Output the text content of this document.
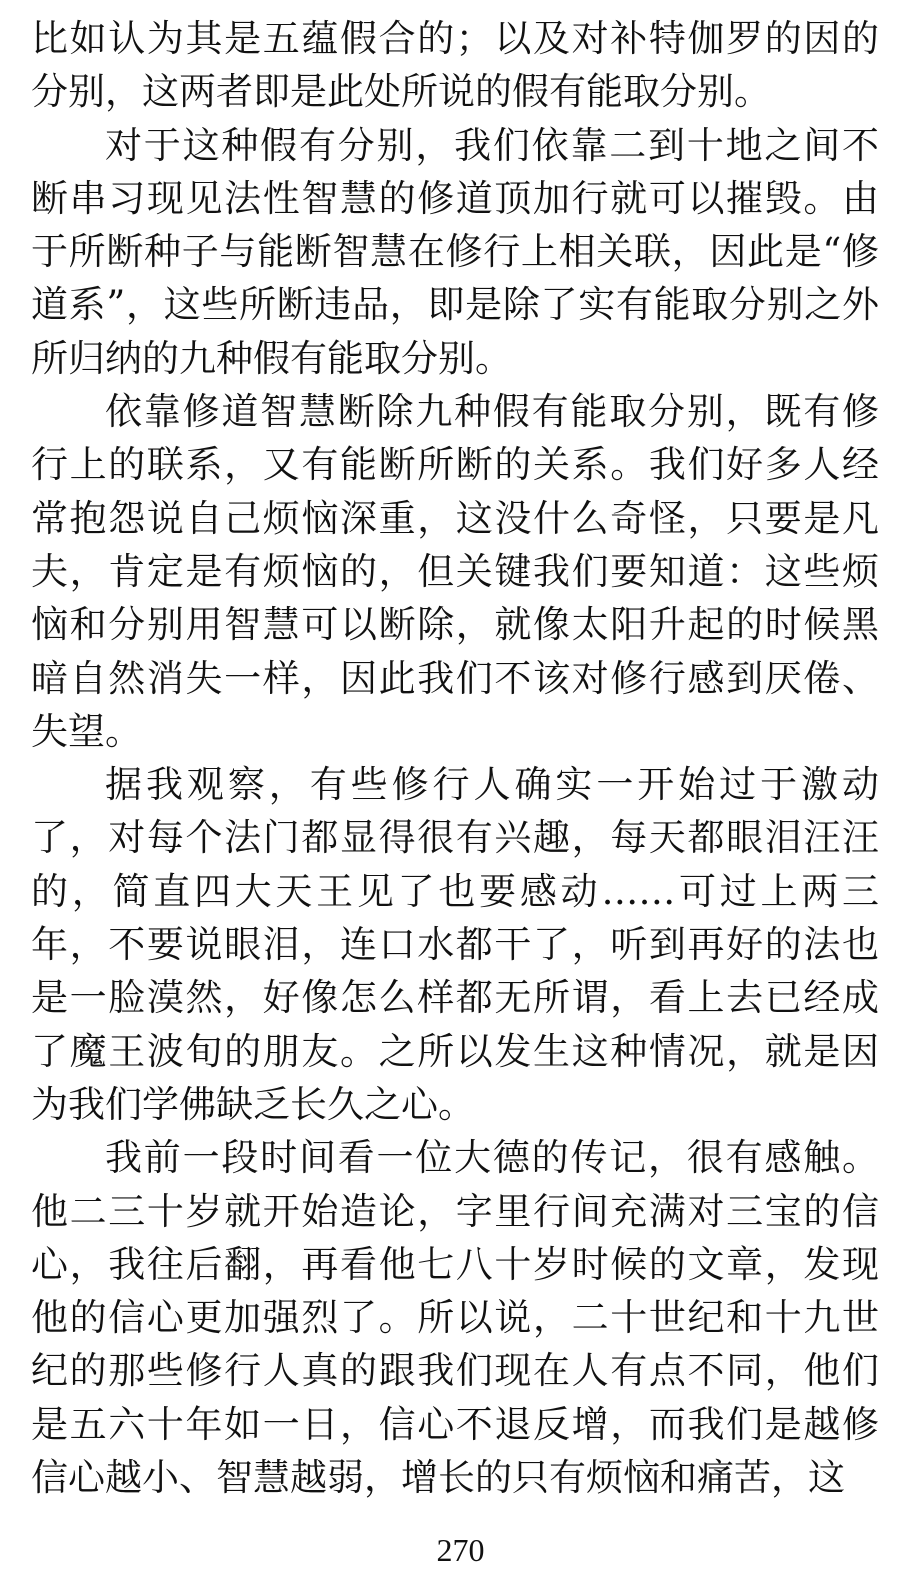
比如认为其是五蕴假合的；以及对补特伽罗的因的分别，这两者即是此处所说的假有能取分别。

对于这种假有分别，我们依靠二到十地之间不断串习现见法性智慧的修道顶加行就可以摧毁。由于所断种子与能断智慧在修行上相关联，因此是“修道系”，这些所断违品，即是除了实有能取分别之外所归纳的九种假有能取分别。

依靠修道智慧断除九种假有能取分别，既有修行上的联系，又有能断所断的关系。我们好多人经常抱怨说自己烦恼深重，这没什么奇怪，只要是凡夫，肯定是有烦恼的，但关键我们要知道：这些烦恼和分别用智慧可以断除，就像太阳升起的时候黑暗自然消失一样，因此我们不该对修行感到厌倦、失望。

据我观察，有些修行人确实一开始过于激动了，对每个法门都显得很有兴趣，每天都眼泪汪汪的，简直四大天王见了也要感动……可过上两三年，不要说眼泪，连口水都干了，听到再好的法也是一脸漠然，好像怎么样都无所谓，看上去已经成了魔王波旬的朋友。之所以发生这种情况，就是因为我们学佛缺乏长久之心。

我前一段时间看一位大德的传记，很有感触。他二三十岁就开始造论，字里行间充满对三宝的信心，我往后翻，再看他七八十岁时候的文章，发现他的信心更加强烈了。所以说，二十世纪和十九世纪的那些修行人真的跟我们现在人有点不同，他们是五六十年如一日，信心不退反增，而我们是越修信心越小、智慧越弱，增长的只有烦恼和痛苦，这

270
